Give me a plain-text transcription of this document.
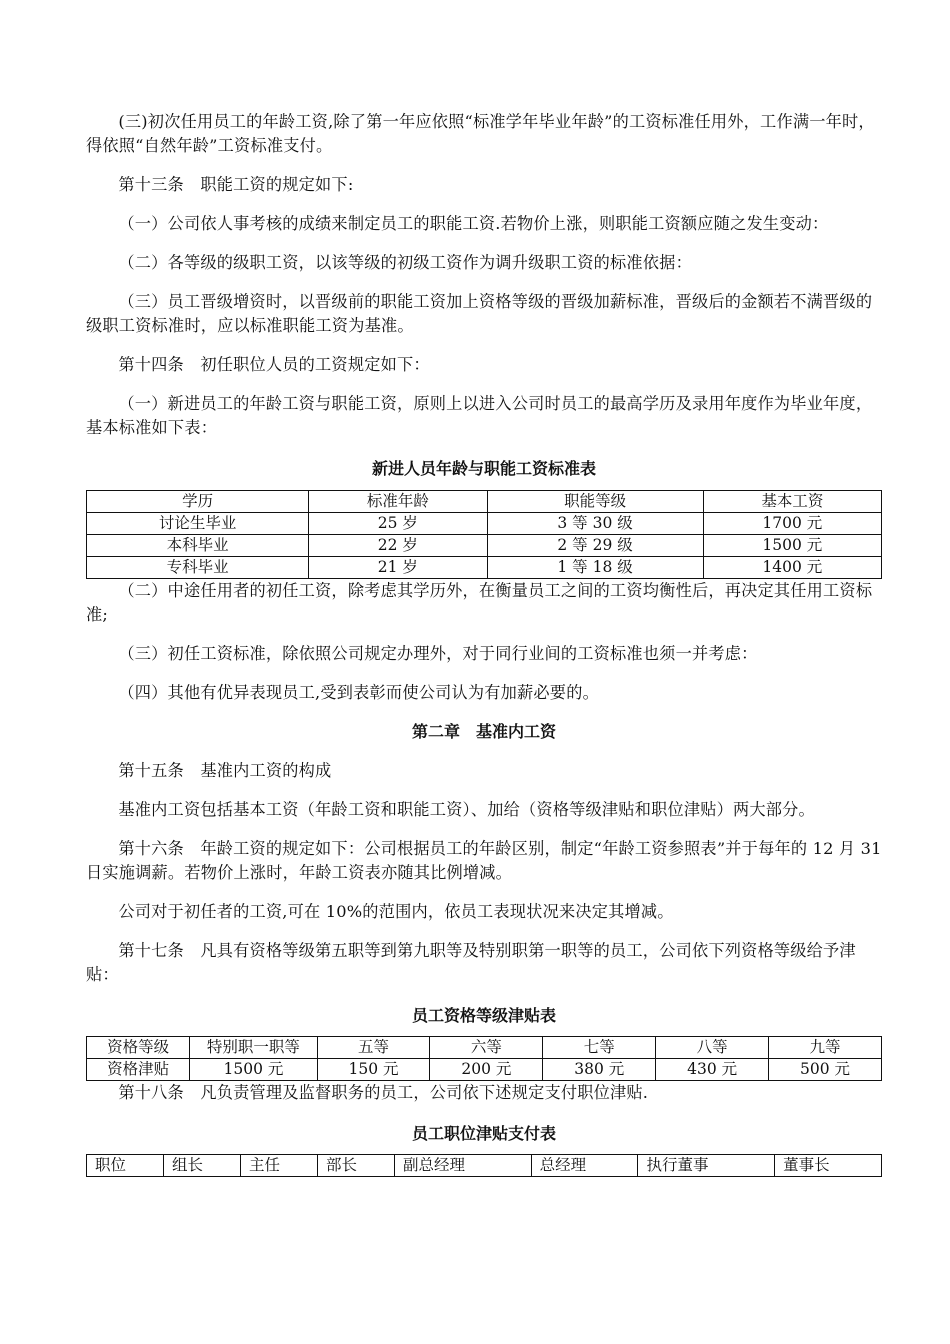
(三)初次任用员工的年龄工资,除了第一年应依照“标准学年毕业年龄”的工资标准任用外，工作满一年时，得依照“自然年龄”工资标准支付。

第十三条　职能工资的规定如下:

（一）公司依人事考核的成绩来制定员工的职能工资.若物价上涨，则职能工资额应随之发生变动：

（二）各等级的级职工资，以该等级的初级工资作为调升级职工资的标准依据：

（三）员工晋级增资时，以晋级前的职能工资加上资格等级的晋级加薪标准，晋级后的金额若不满晋级的级职工资标准时，应以标准职能工资为基准。

第十四条　初任职位人员的工资规定如下：

（一）新进员工的年龄工资与职能工资，原则上以进入公司时员工的最高学历及录用年度作为毕业年度，基本标准如下表：

新进人员年龄与职能工资标准表
学历	标准年龄	职能等级	基本工资
讨论生毕业	25 岁	3 等 30 级	1700 元
本科毕业	22 岁	2 等 29 级	1500 元
专科毕业	21 岁	1 等 18 级	1400 元

（二）中途任用者的初任工资，除考虑其学历外，在衡量员工之间的工资均衡性后，再决定其任用工资标准;

（三）初任工资标准，除依照公司规定办理外，对于同行业间的工资标准也须一并考虑：

（四）其他有优异表现员工,受到表彰而使公司认为有加薪必要的。

第二章　基准内工资

第十五条　基准内工资的构成

基准内工资包括基本工资（年龄工资和职能工资）、加给（资格等级津贴和职位津贴）两大部分。

第十六条　年龄工资的规定如下：公司根据员工的年龄区别，制定“年龄工资参照表”并于每年的 12 月 31 日实施调薪。若物价上涨时，年龄工资表亦随其比例增减。

公司对于初任者的工资,可在 10%的范围内，依员工表现状况来决定其增减。

第十七条　凡具有资格等级第五职等到第九职等及特别职第一职等的员工，公司依下列资格等级给予津贴：

员工资格等级津贴表
资格等级	特别职一职等	五等	六等	七等	八等	九等
资格津贴	1500 元	150 元	200 元	380 元	430 元	500 元

第十八条　凡负责管理及监督职务的员工，公司依下述规定支付职位津贴.

员工职位津贴支付表
职位	组长	主任	部长	副总经理	总经理	执行董事	董事长
